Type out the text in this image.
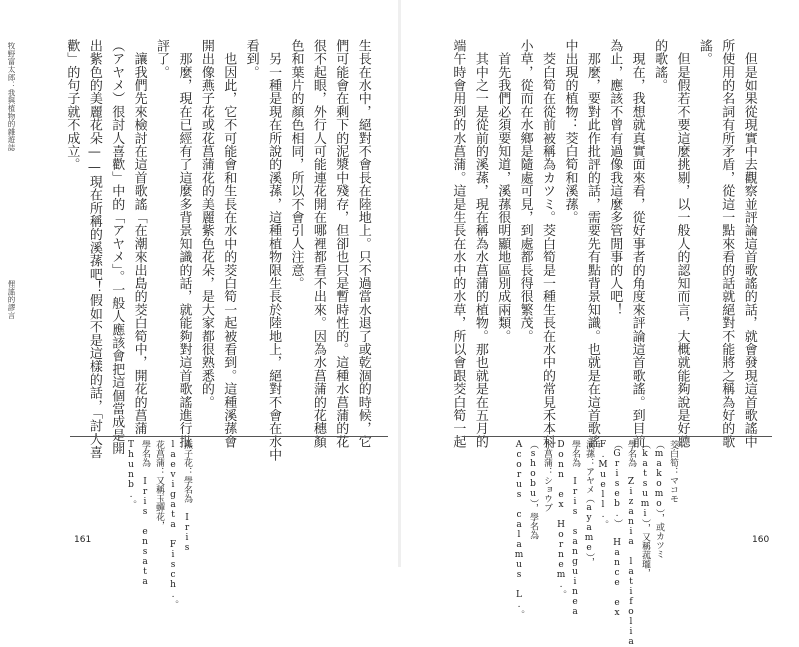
牧野富太郎：我與植物的雜遊誌
俚謠的謬言	生長在水中，絕對不會長在陸地上。只不過當水退了或乾涸的時候，它

們可能會在剩下的泥漿中殘存，但卻也只是暫時性的。這種水菖蒲的花

很不起眼，外行人可能連花開在哪裡都看不出來。因為水菖蒲的花穗顏

色和葉片的顏色相同，所以不會引人注意。

　另一種是現在所說的溪蓀，這種植物限生長於陸地上，絕對不會在水中

看到。

　也因此，它不可能會和生長在水中的茭白筍一起被看到。這種溪蓀會

開出像燕子花或花菖蒲花的美麗紫色花朵，是大家都很熟悉的。

　那麼，現在已經有了這麼多背景知識的話，就能夠對這首歌謠進行批

評了。

　讓我們先來檢討在這首歌謠「在潮來出島的茭白筍中，開花的菖蒲

（アヤメ）很討人喜歡」中的「アヤメ」。一般人應該會把這個當成是開

出紫色的美麗花朵——現在所稱的溪蓀吧！假如不是這樣的話，「討人喜

歡」的句子就不成立。

燕子花：學名為 Iris

laevigata Fisch.。

花菖蒲：又稱玉蟬花，

學名為 Iris ensata

Thunb.。

161

　但是如果從現實中去觀察並評論這首歌謠的話，就會發現這首歌謠中

所使用的名詞有所矛盾，從這一點來看的話就絕對不能將之稱為好的歌

謠。

　但是假若不要這麼挑剔，以一般人的認知而言，大概就能夠說是好聽

的歌謠。

　現在，我想就真實面來看，從好事者的角度來評論這首歌謠。到目前

為止，應該不曾有過像我這麼多管閒事的人吧！

　那麼，要對此作批評的話，需要先有點背景知識。也就是在這首歌謠

中出現的植物：茭白筍和溪蓀。

　茭白筍在從前被稱為カツミ。茭白筍是一種生長在水中的常見禾本科

小草，從而在水鄉是隨處可見，到處都長得很繁茂。

　首先我們必須要知道，溪蓀很明顯地區別成兩類。

　其中之一是從前的溪蓀，現在稱為水菖蒲的植物。那也就是在五月的

端午時會用到的水菖蒲。這是生長在水中的水草，所以會跟茭白筍一起

茭白筍：マコモ

（makomo），或カツミ

（katsumi），又稱菰瓏，

學名為 Zizania latifolia

（Griseb.） Hance ex

F.Muell.。

溪蓀：アヤメ（ayame），

學名為 Iris sanguinea

Donn ex Hornem.。

水菖蒲：ショウブ

（shobu），學名為

Acorus calamus L.。	160
